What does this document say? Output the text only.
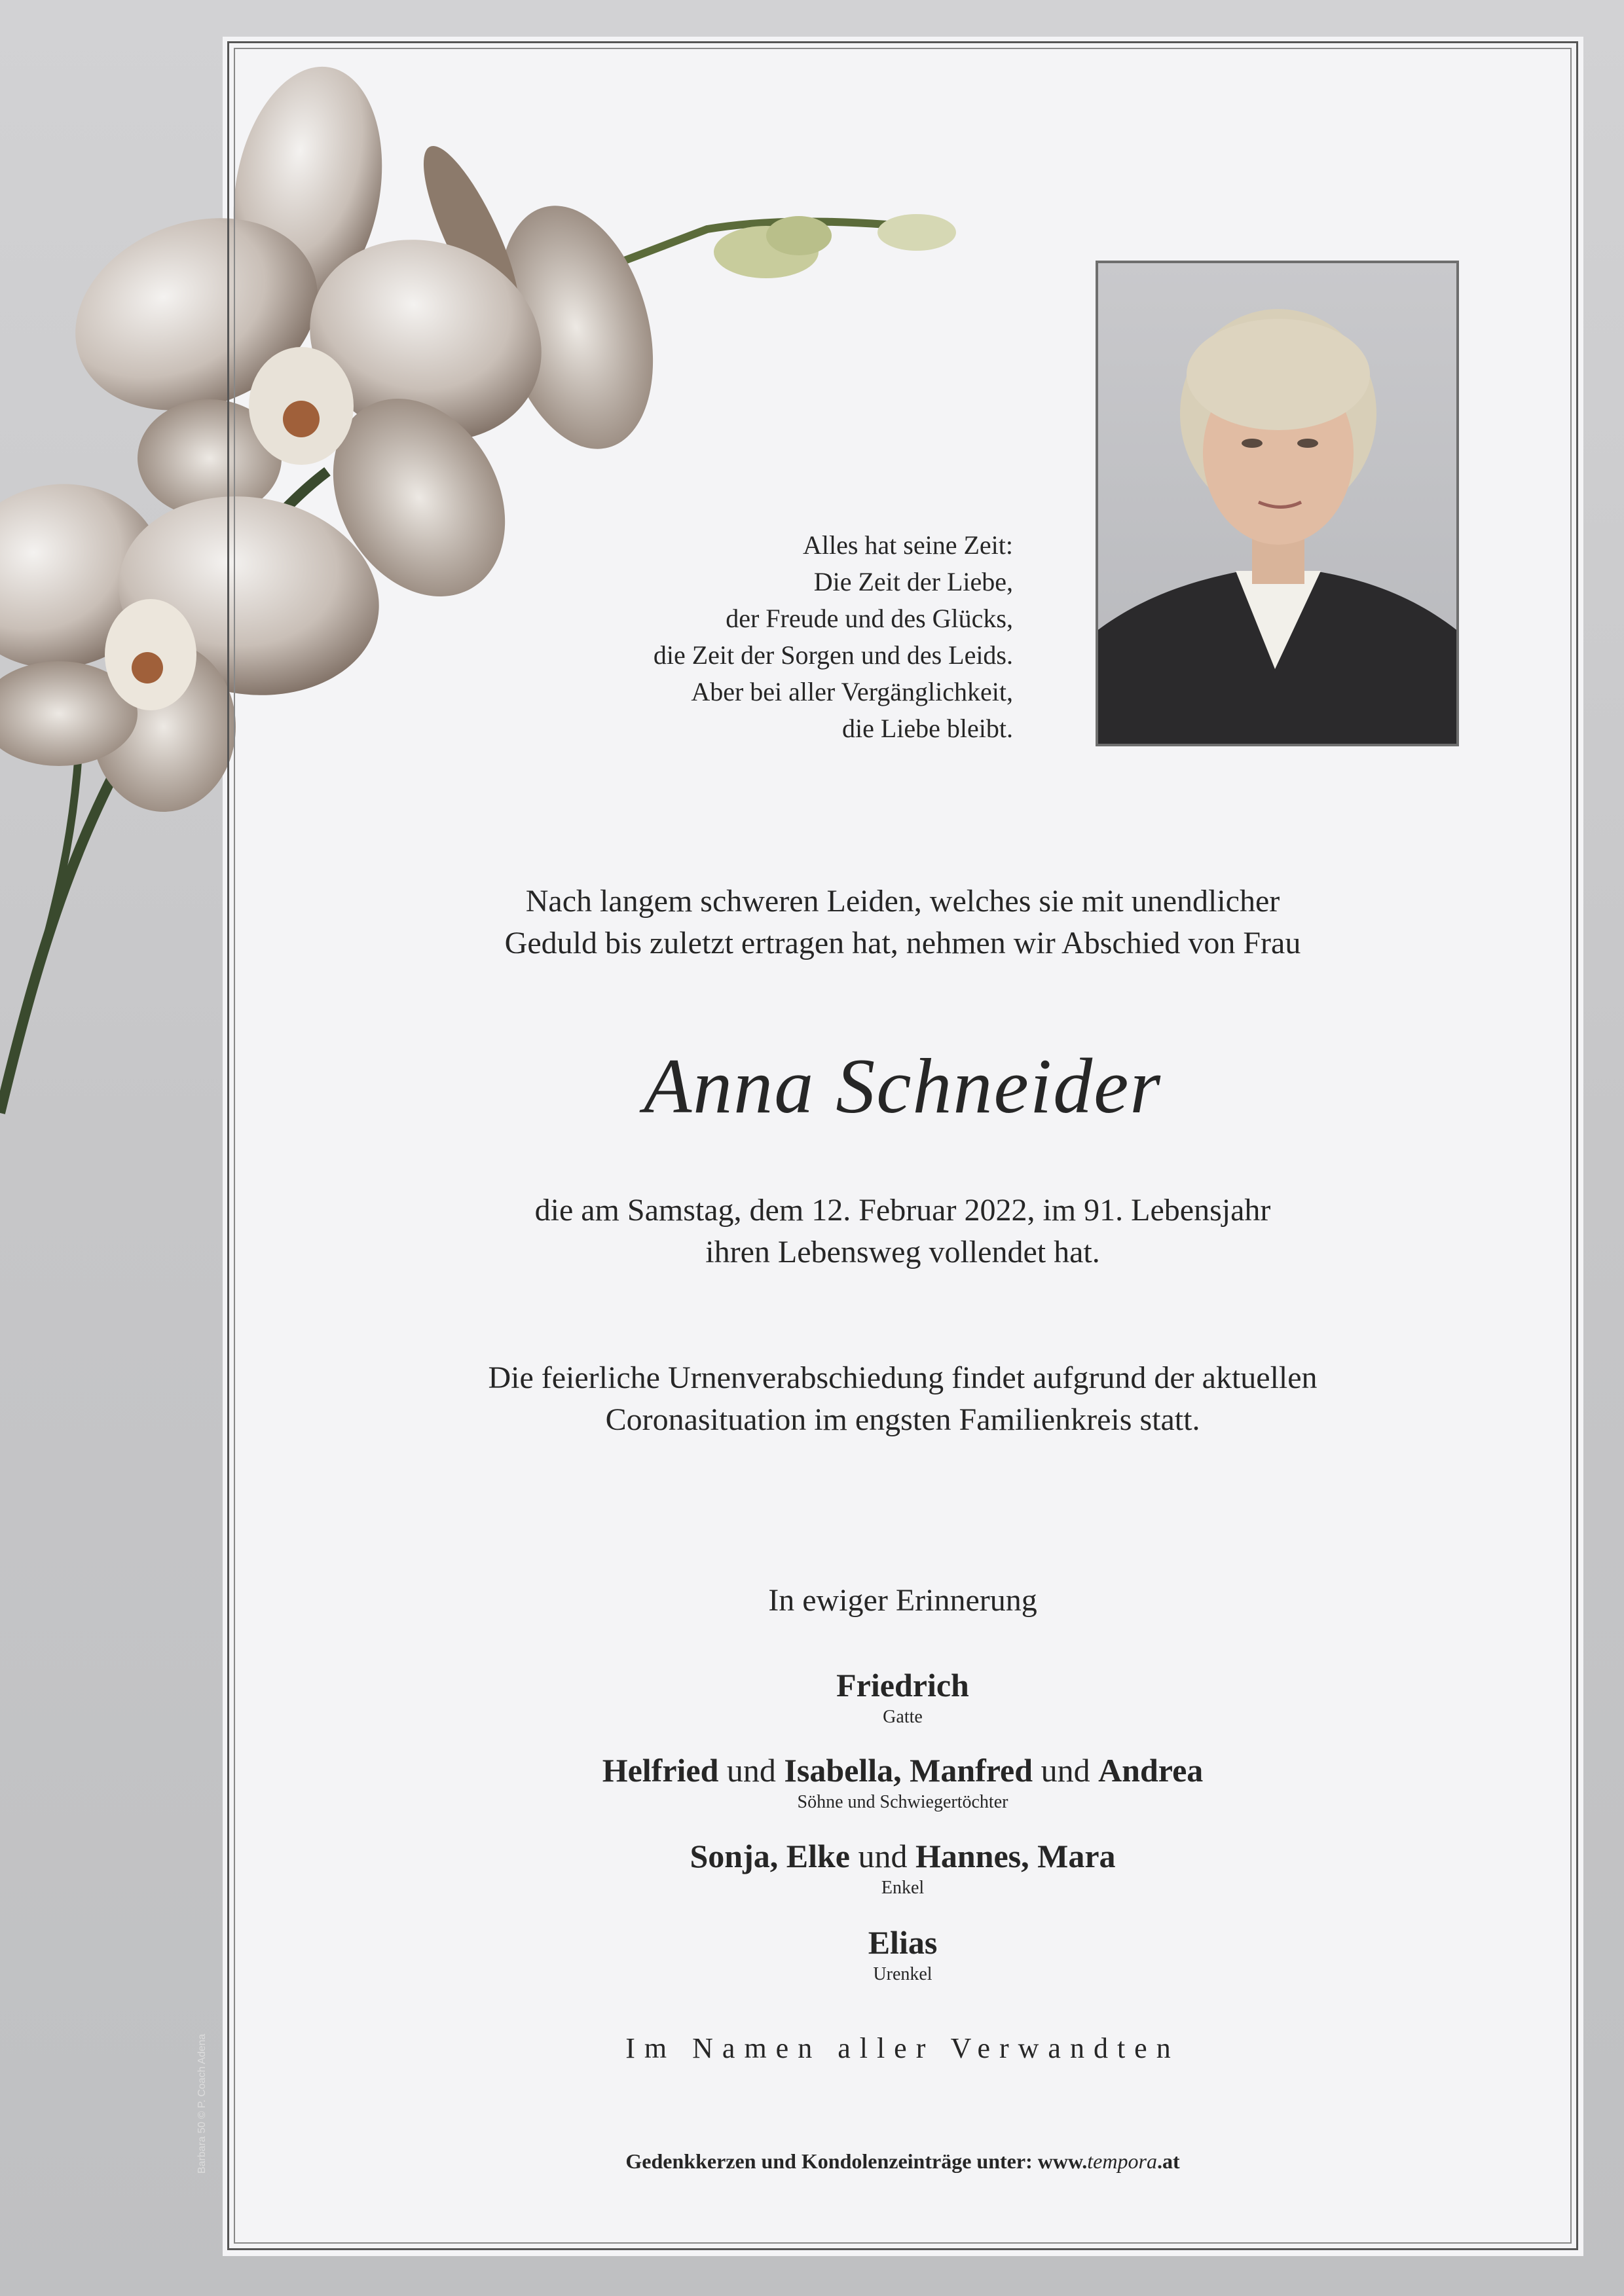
Alles hat seine Zeit:
Die Zeit der Liebe,
der Freude und des Glücks,
die Zeit der Sorgen und des Leids.
Aber bei aller Vergänglichkeit,
die Liebe bleibt.
Nach langem schweren Leiden, welches sie mit unendlicher
Geduld bis zuletzt ertragen hat, nehmen wir Abschied von Frau
Anna Schneider
die am Samstag, dem 12. Februar 2022, im 91. Lebensjahr
ihren Lebensweg vollendet hat.
Die feierliche Urnenverabschiedung findet aufgrund der aktuellen
Coronasituation im engsten Familienkreis statt.
In ewiger Erinnerung
Friedrich
Gatte
Helfried und Isabella, Manfred und Andrea
Söhne und Schwiegertöchter
Sonja, Elke und Hannes, Mara
Enkel
Elias
Urenkel
Im Namen aller Verwandten
Gedenkkerzen und Kondolenzeinträge unter: www.tempora.at
Barbara 50 © P. Coach Adena
